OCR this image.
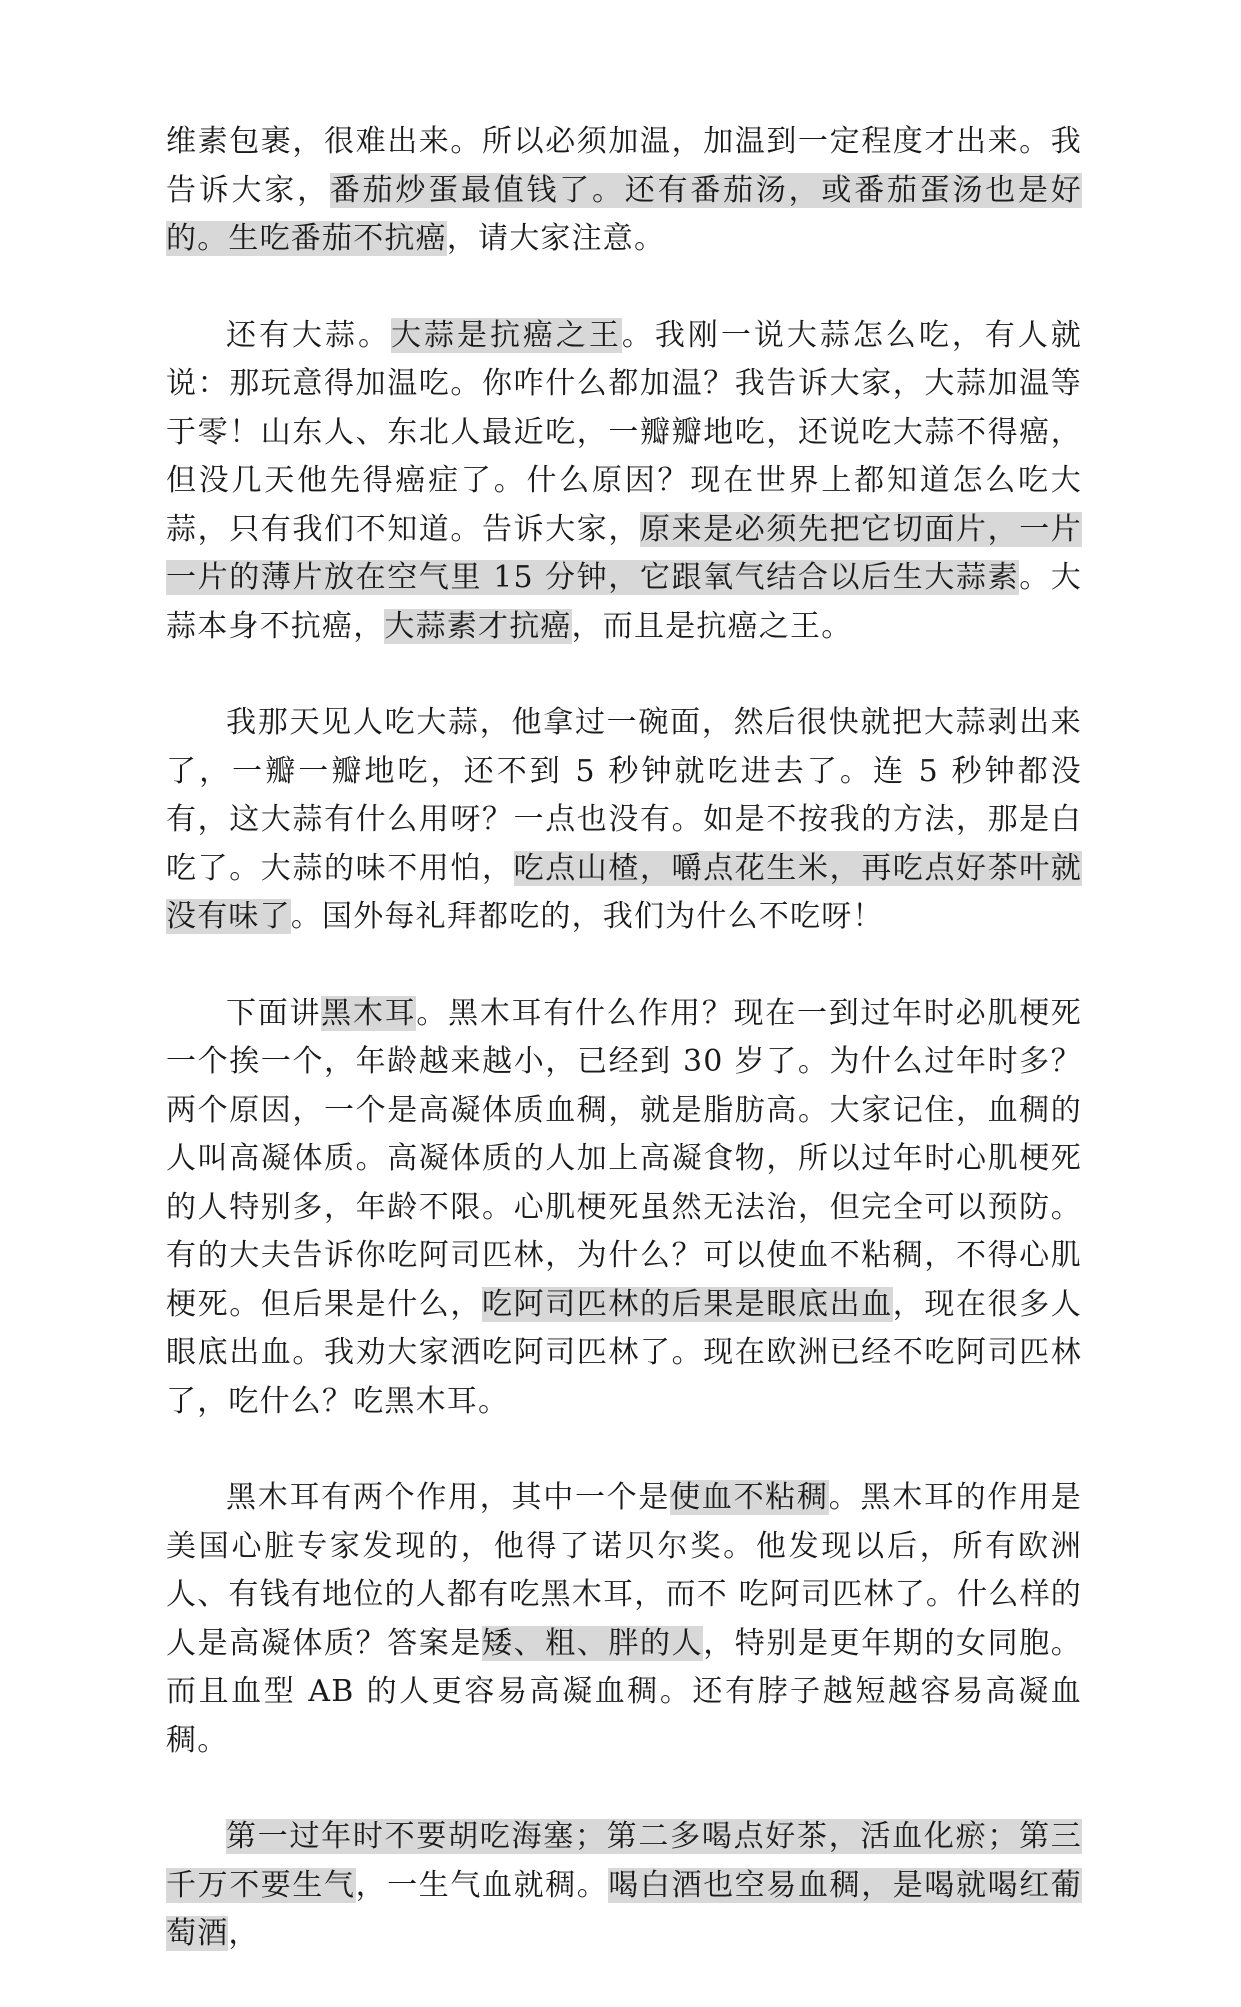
维素包裹，很难出来。所以必须加温，加温到一定程度才出来。我告诉大家，番茄炒蛋最值钱了。还有番茄汤，或番茄蛋汤也是好的。生吃番茄不抗癌，请大家注意。

还有大蒜。大蒜是抗癌之王。我刚一说大蒜怎么吃，有人就说：那玩意得加温吃。你咋什么都加温？我告诉大家，大蒜加温等于零！山东人、东北人最近吃，一瓣瓣地吃，还说吃大蒜不得癌，但没几天他先得癌症了。什么原因？现在世界上都知道怎么吃大蒜，只有我们不知道。告诉大家，原来是必须先把它切面片，一片一片的薄片放在空气里 15 分钟，它跟氧气结合以后生大蒜素。大蒜本身不抗癌，大蒜素才抗癌，而且是抗癌之王。

我那天见人吃大蒜，他拿过一碗面，然后很快就把大蒜剥出来了，一瓣一瓣地吃，还不到 5 秒钟就吃进去了。连 5 秒钟都没有，这大蒜有什么用呀？一点也没有。如是不按我的方法，那是白吃了。大蒜的味不用怕，吃点山楂，嚼点花生米，再吃点好茶叶就没有味了。国外每礼拜都吃的，我们为什么不吃呀！

下面讲黑木耳。黑木耳有什么作用？现在一到过年时必肌梗死一个挨一个，年龄越来越小，已经到 30 岁了。为什么过年时多？两个原因，一个是高凝体质血稠，就是脂肪高。大家记住，血稠的人叫高凝体质。高凝体质的人加上高凝食物，所以过年时心肌梗死的人特别多，年龄不限。心肌梗死虽然无法治，但完全可以预防。有的大夫告诉你吃阿司匹林，为什么？可以使血不粘稠，不得心肌梗死。但后果是什么，吃阿司匹林的后果是眼底出血，现在很多人眼底出血。我劝大家洒吃阿司匹林了。现在欧洲已经不吃阿司匹林了，吃什么？吃黑木耳。

黑木耳有两个作用，其中一个是使血不粘稠。黑木耳的作用是美国心脏专家发现的，他得了诺贝尔奖。他发现以后，所有欧洲人、有钱有地位的人都有吃黑木耳，而不 吃阿司匹林了。什么样的人是高凝体质？答案是矮、粗、胖的人，特别是更年期的女同胞。而且血型 AB 的人更容易高凝血稠。还有脖子越短越容易高凝血稠。

第一过年时不要胡吃海塞；第二多喝点好茶，活血化瘀；第三千万不要生气，一生气血就稠。喝白酒也空易血稠，是喝就喝红葡萄酒，
